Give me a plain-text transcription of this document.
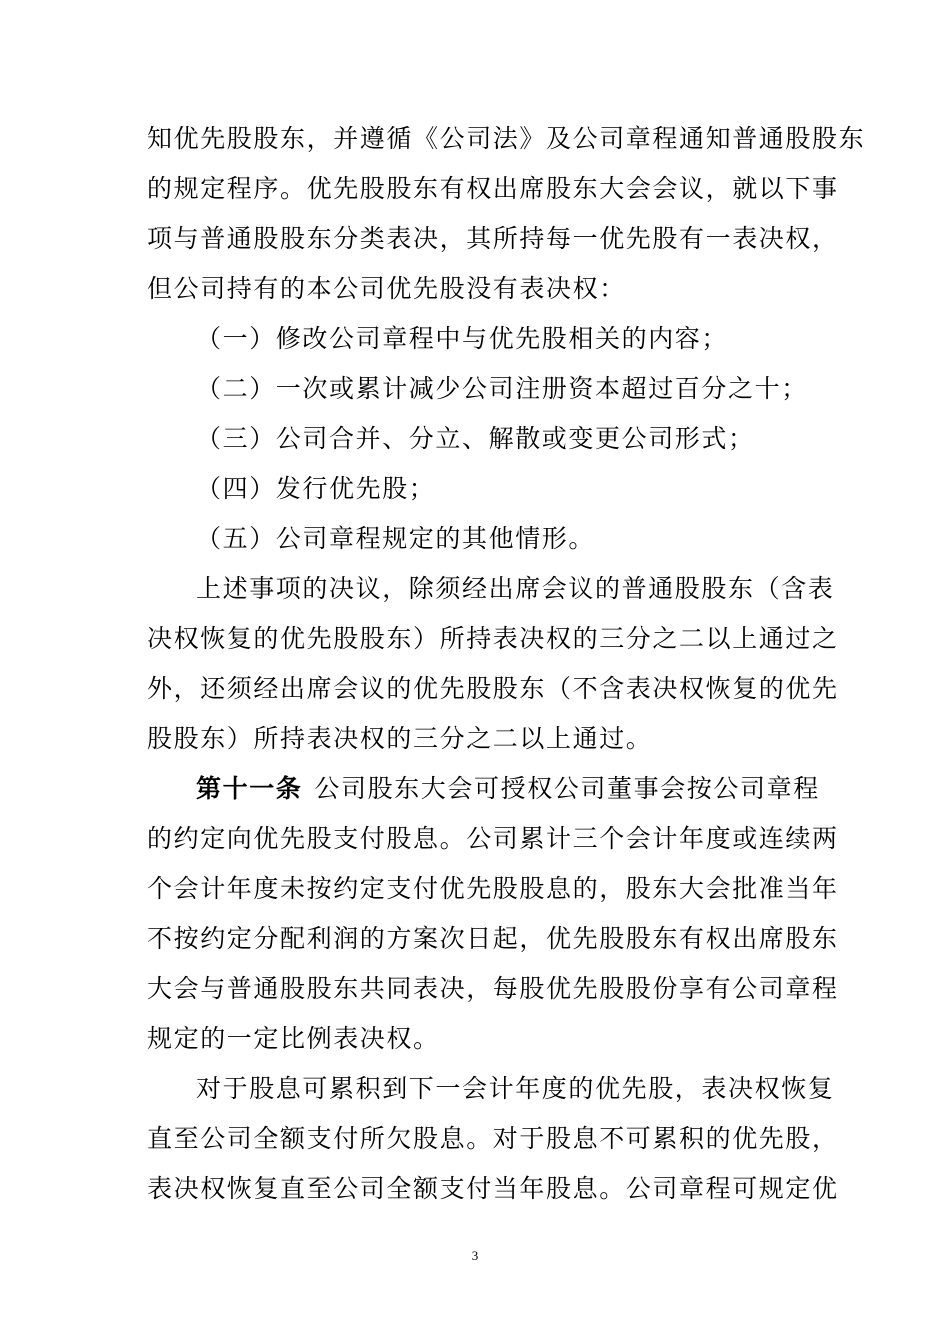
知优先股股东，并遵循《公司法》及公司章程通知普通股股东
的规定程序。优先股股东有权出席股东大会会议，就以下事
项与普通股股东分类表决，其所持每一优先股有一表决权，
但公司持有的本公司优先股没有表决权：
（一）修改公司章程中与优先股相关的内容；
（二）一次或累计减少公司注册资本超过百分之十；
（三）公司合并、分立、解散或变更公司形式；
（四）发行优先股；
（五）公司章程规定的其他情形。
上述事项的决议，除须经出席会议的普通股股东（含表
决权恢复的优先股股东）所持表决权的三分之二以上通过之
外，还须经出席会议的优先股股东（不含表决权恢复的优先
股股东）所持表决权的三分之二以上通过。
第十一条 公司股东大会可授权公司董事会按公司章程
的约定向优先股支付股息。公司累计三个会计年度或连续两
个会计年度未按约定支付优先股股息的，股东大会批准当年
不按约定分配利润的方案次日起，优先股股东有权出席股东
大会与普通股股东共同表决，每股优先股股份享有公司章程
规定的一定比例表决权。
对于股息可累积到下一会计年度的优先股，表决权恢复
直至公司全额支付所欠股息。对于股息不可累积的优先股，
表决权恢复直至公司全额支付当年股息。公司章程可规定优
3
